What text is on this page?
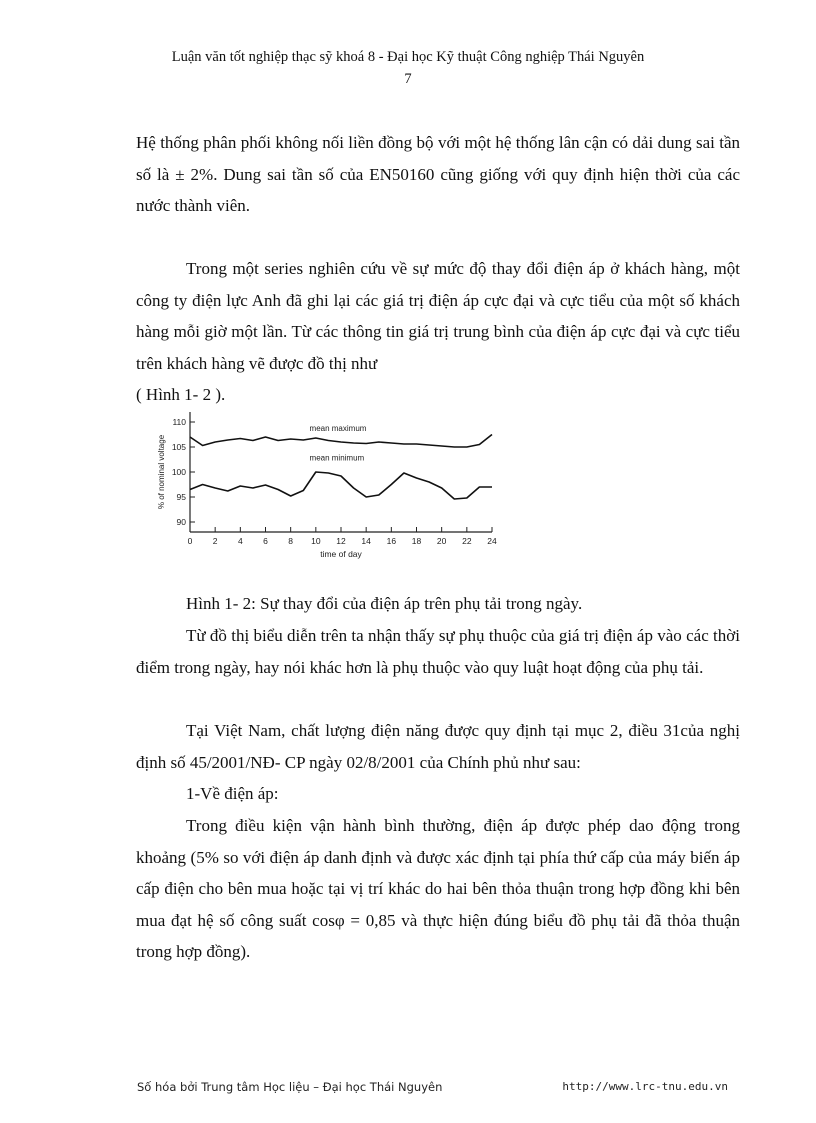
Luận văn tốt nghiệp thạc sỹ khoá 8 - Đại học Kỹ thuật Công nghiệp Thái Nguyên
7

Hệ thống phân phối không nối liền đồng bộ với một hệ thống lân cận có dải dung sai tần số là ± 2%. Dung sai tần số của EN50160 cũng giống với quy định hiện thời của các nước thành viên.

Trong một series nghiên cứu về sự mức độ thay đổi điện áp ở khách hàng, một công ty điện lực Anh đã ghi lại các giá trị điện áp cực đại và cực tiểu của một số khách hàng mỗi giờ một lần. Từ các thông tin giá trị trung bình của điện áp cực đại và cực tiểu trên khách hàng vẽ được đồ thị như
( Hình 1- 2 ).

90
95
100
105
110
0 2 4 6 8 10 12 14 16 18 20 22 24
time of day
% of nominal voltage
mean maximum
mean minimum
Hình 1- 2: Sự thay đổi của điện áp trên phụ tải trong ngày.

Từ đồ thị biểu diễn trên ta nhận thấy sự phụ thuộc của giá trị điện áp vào các thời điểm trong ngày, hay nói khác hơn là phụ thuộc vào quy luật hoạt động của phụ tải.

Tại Việt Nam, chất lượng điện năng được quy định tại mục 2, điều 31của nghị định số 45/2001/NĐ- CP ngày 02/8/2001 của Chính phủ như sau:

1-Về điện áp:

Trong điều kiện vận hành bình thường, điện áp được phép dao động trong khoảng (5% so với điện áp danh định và được xác định tại phía thứ cấp của máy biến áp cấp điện cho bên mua hoặc tại vị trí khác do hai bên thỏa thuận trong hợp đồng khi bên mua đạt hệ số công suất cosφ = 0,85 và thực hiện đúng biểu đồ phụ tải đã thỏa thuận trong hợp đồng).

Số hóa bởi Trung tâm Học liệu – Đại học Thái Nguyên	http://www.lrc-tnu.edu.vn
